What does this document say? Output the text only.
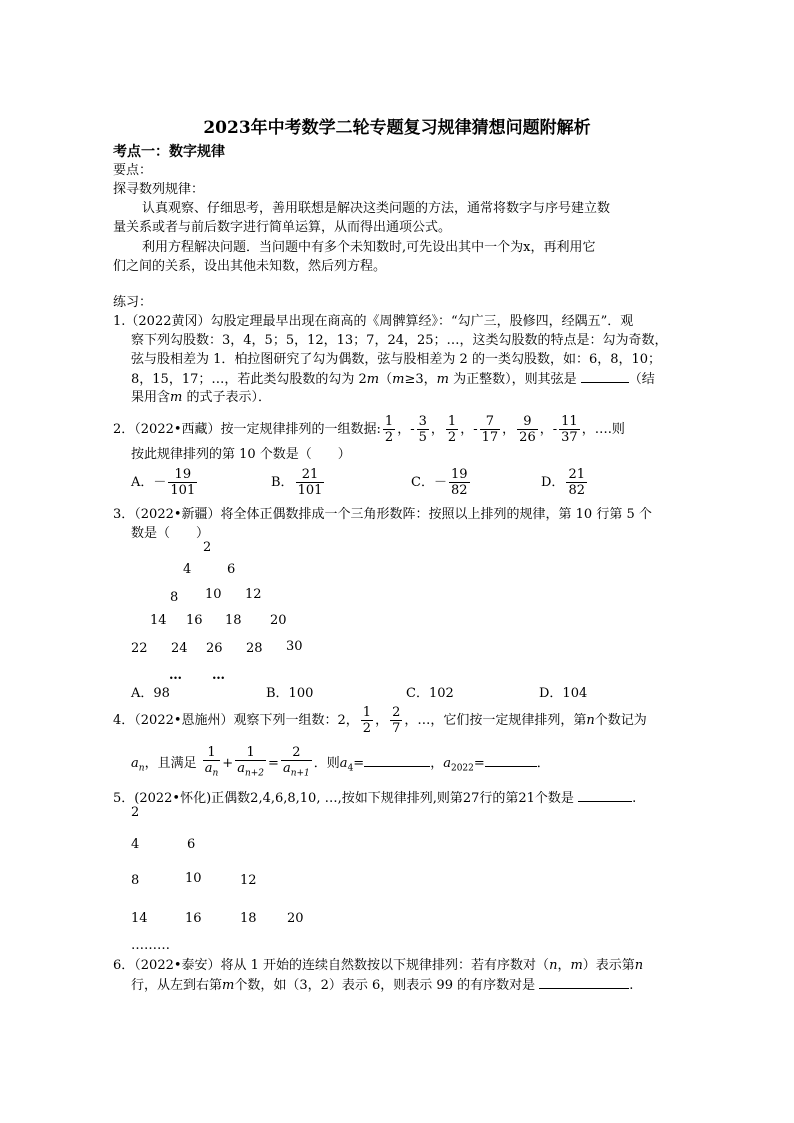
2023年中考数学二轮专题复习规律猜想问题附解析
考点一：数字规律
要点：
探寻数列规律：
认真观察、仔细思考，善用联想是解决这类问题的方法，通常将数字与序号建立数
量关系或者与前后数字进行简单运算，从而得出通项公式。
利用方程解决问题．当问题中有多个未知数时,可先设出其中一个为x，再利用它
们之间的关系，设出其他未知数，然后列方程。
练习：
1.（2022黄冈）勾股定理最早出现在商高的《周髀算经》：“勾广三，股修四，经隅五”．观
察下列勾股数：3，4，5；5，12，13；7，24，25；…，这类勾股数的特点是：勾为奇数，
弦与股相差为 1．柏拉图研究了勾为偶数，弦与股相差为 2 的一类勾股数，如：6，8，10；
8，15，17；…，若此类勾股数的勾为 2m（m≥3，m 为正整数），则其弦是	（结
果用含m 的式子表示）．
2．（2022•西藏）按一定规律排列的一组数据: $\frac{1}{2}$ ，- $\frac{3}{5}$ ， $\frac{1}{2}$ ，- $\frac{7}{17}$ ， $\frac{9}{26}$ ，- $\frac{11}{37}$ ，….则
按此规律排列的第 10 个数是（　　）
A．－ $\frac{19}{101}$	B． $\frac{21}{101}$	C．－ $\frac{19}{82}$	D． $\frac{21}{82}$
3．（2022•新疆）将全体正偶数排成一个三角形数阵：按照以上排列的规律，第 10 行第 5 个
数是（　　）
2
4	6
8 10 12
14 16 18 20
22 24 26 28 30
… …
A．98	B．100	C．102	D．104
4．（2022•恩施州）观察下列一组数：2， $\frac{1}{2}$ ， $\frac{2}{7}$ ，…，它们按一定规律排列，第n个数记为
$a_n$，且满足 $\frac{1}{a_n} + \frac{1}{a_{n+2}} = \frac{2}{a_{n+1}}$ ．则$a_4=$	，$a_{2022}=$	．
5．(2022•怀化)正偶数2,4,6,8,10, …,按如下规律排列,则第27行的第21个数是	.
2
4	6
8	10	12
14	16	18 20
………
6．（2022•泰安）将从 1 开始的连续自然数按以下规律排列：若有序数对（n，m）表示第n
行，从左到右第m个数，如（3，2）表示 6，则表示 99 的有序数对是	.
